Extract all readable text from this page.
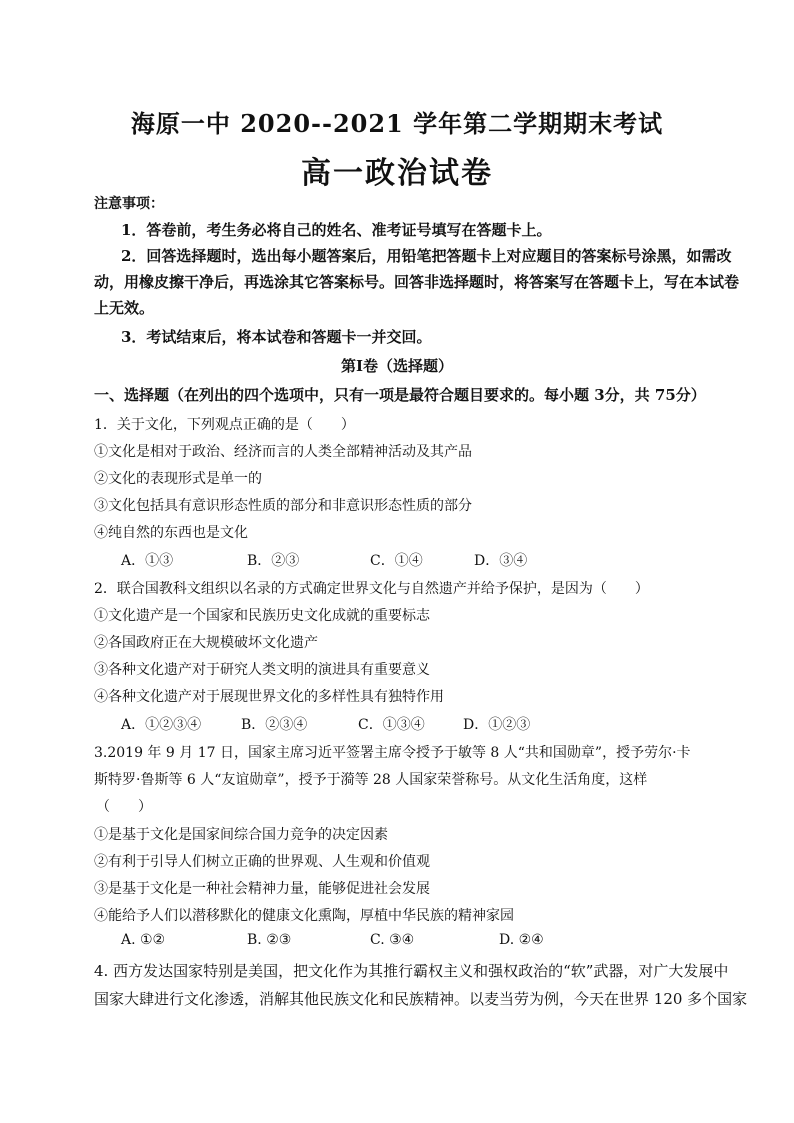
海原一中 2020--2021 学年第二学期期末考试
高一政治试卷
注意事项：
1．答卷前，考生务必将自己的姓名、准考证号填写在答题卡上。
2．回答选择题时，选出每小题答案后，用铅笔把答题卡上对应题目的答案标号涂黑，如需改
动，用橡皮擦干净后，再选涂其它答案标号。回答非选择题时，将答案写在答题卡上，写在本试卷
上无效。
3．考试结束后，将本试卷和答题卡一并交回。
第Ⅰ卷（选择题）
一、选择题（在列出的四个选项中，只有一项是最符合题目要求的。每小题 3分，共 75分）
1．关于文化，下列观点正确的是（　　）
①文化是相对于政治、经济而言的人类全部精神活动及其产品
②文化的表现形式是单一的
③文化包括具有意识形态性质的部分和非意识形态性质的部分
④纯自然的东西也是文化
A．①③	B．②③	C．①④	D．③④
2．联合国教科文组织以名录的方式确定世界文化与自然遗产并给予保护，是因为（　　）
①文化遗产是一个国家和民族历史文化成就的重要标志
②各国政府正在大规模破坏文化遗产
③各种文化遗产对于研究人类文明的演进具有重要意义
④各种文化遗产对于展现世界文化的多样性具有独特作用
A．①②③④	B．②③④	C．①③④	D．①②③
3.2019 年 9 月 17 日，国家主席习近平签署主席令授予于敏等 8 人“共和国勋章”，授予劳尔·卡
斯特罗·鲁斯等 6 人“友谊勋章”，授予于漪等 28 人国家荣誉称号。从文化生活角度，这样
（　　）
①是基于文化是国家间综合国力竞争的决定因素
②有利于引导人们树立正确的世界观、人生观和价值观
③是基于文化是一种社会精神力量，能够促进社会发展
④能给予人们以潜移默化的健康文化熏陶，厚植中华民族的精神家园
A. ①②	B. ②③	C. ③④	D. ②④
4. 西方发达国家特别是美国，把文化作为其推行霸权主义和强权政治的“软”武器，对广大发展中
国家大肆进行文化渗透，消解其他民族文化和民族精神。以麦当劳为例，今天在世界 120 多个国家
